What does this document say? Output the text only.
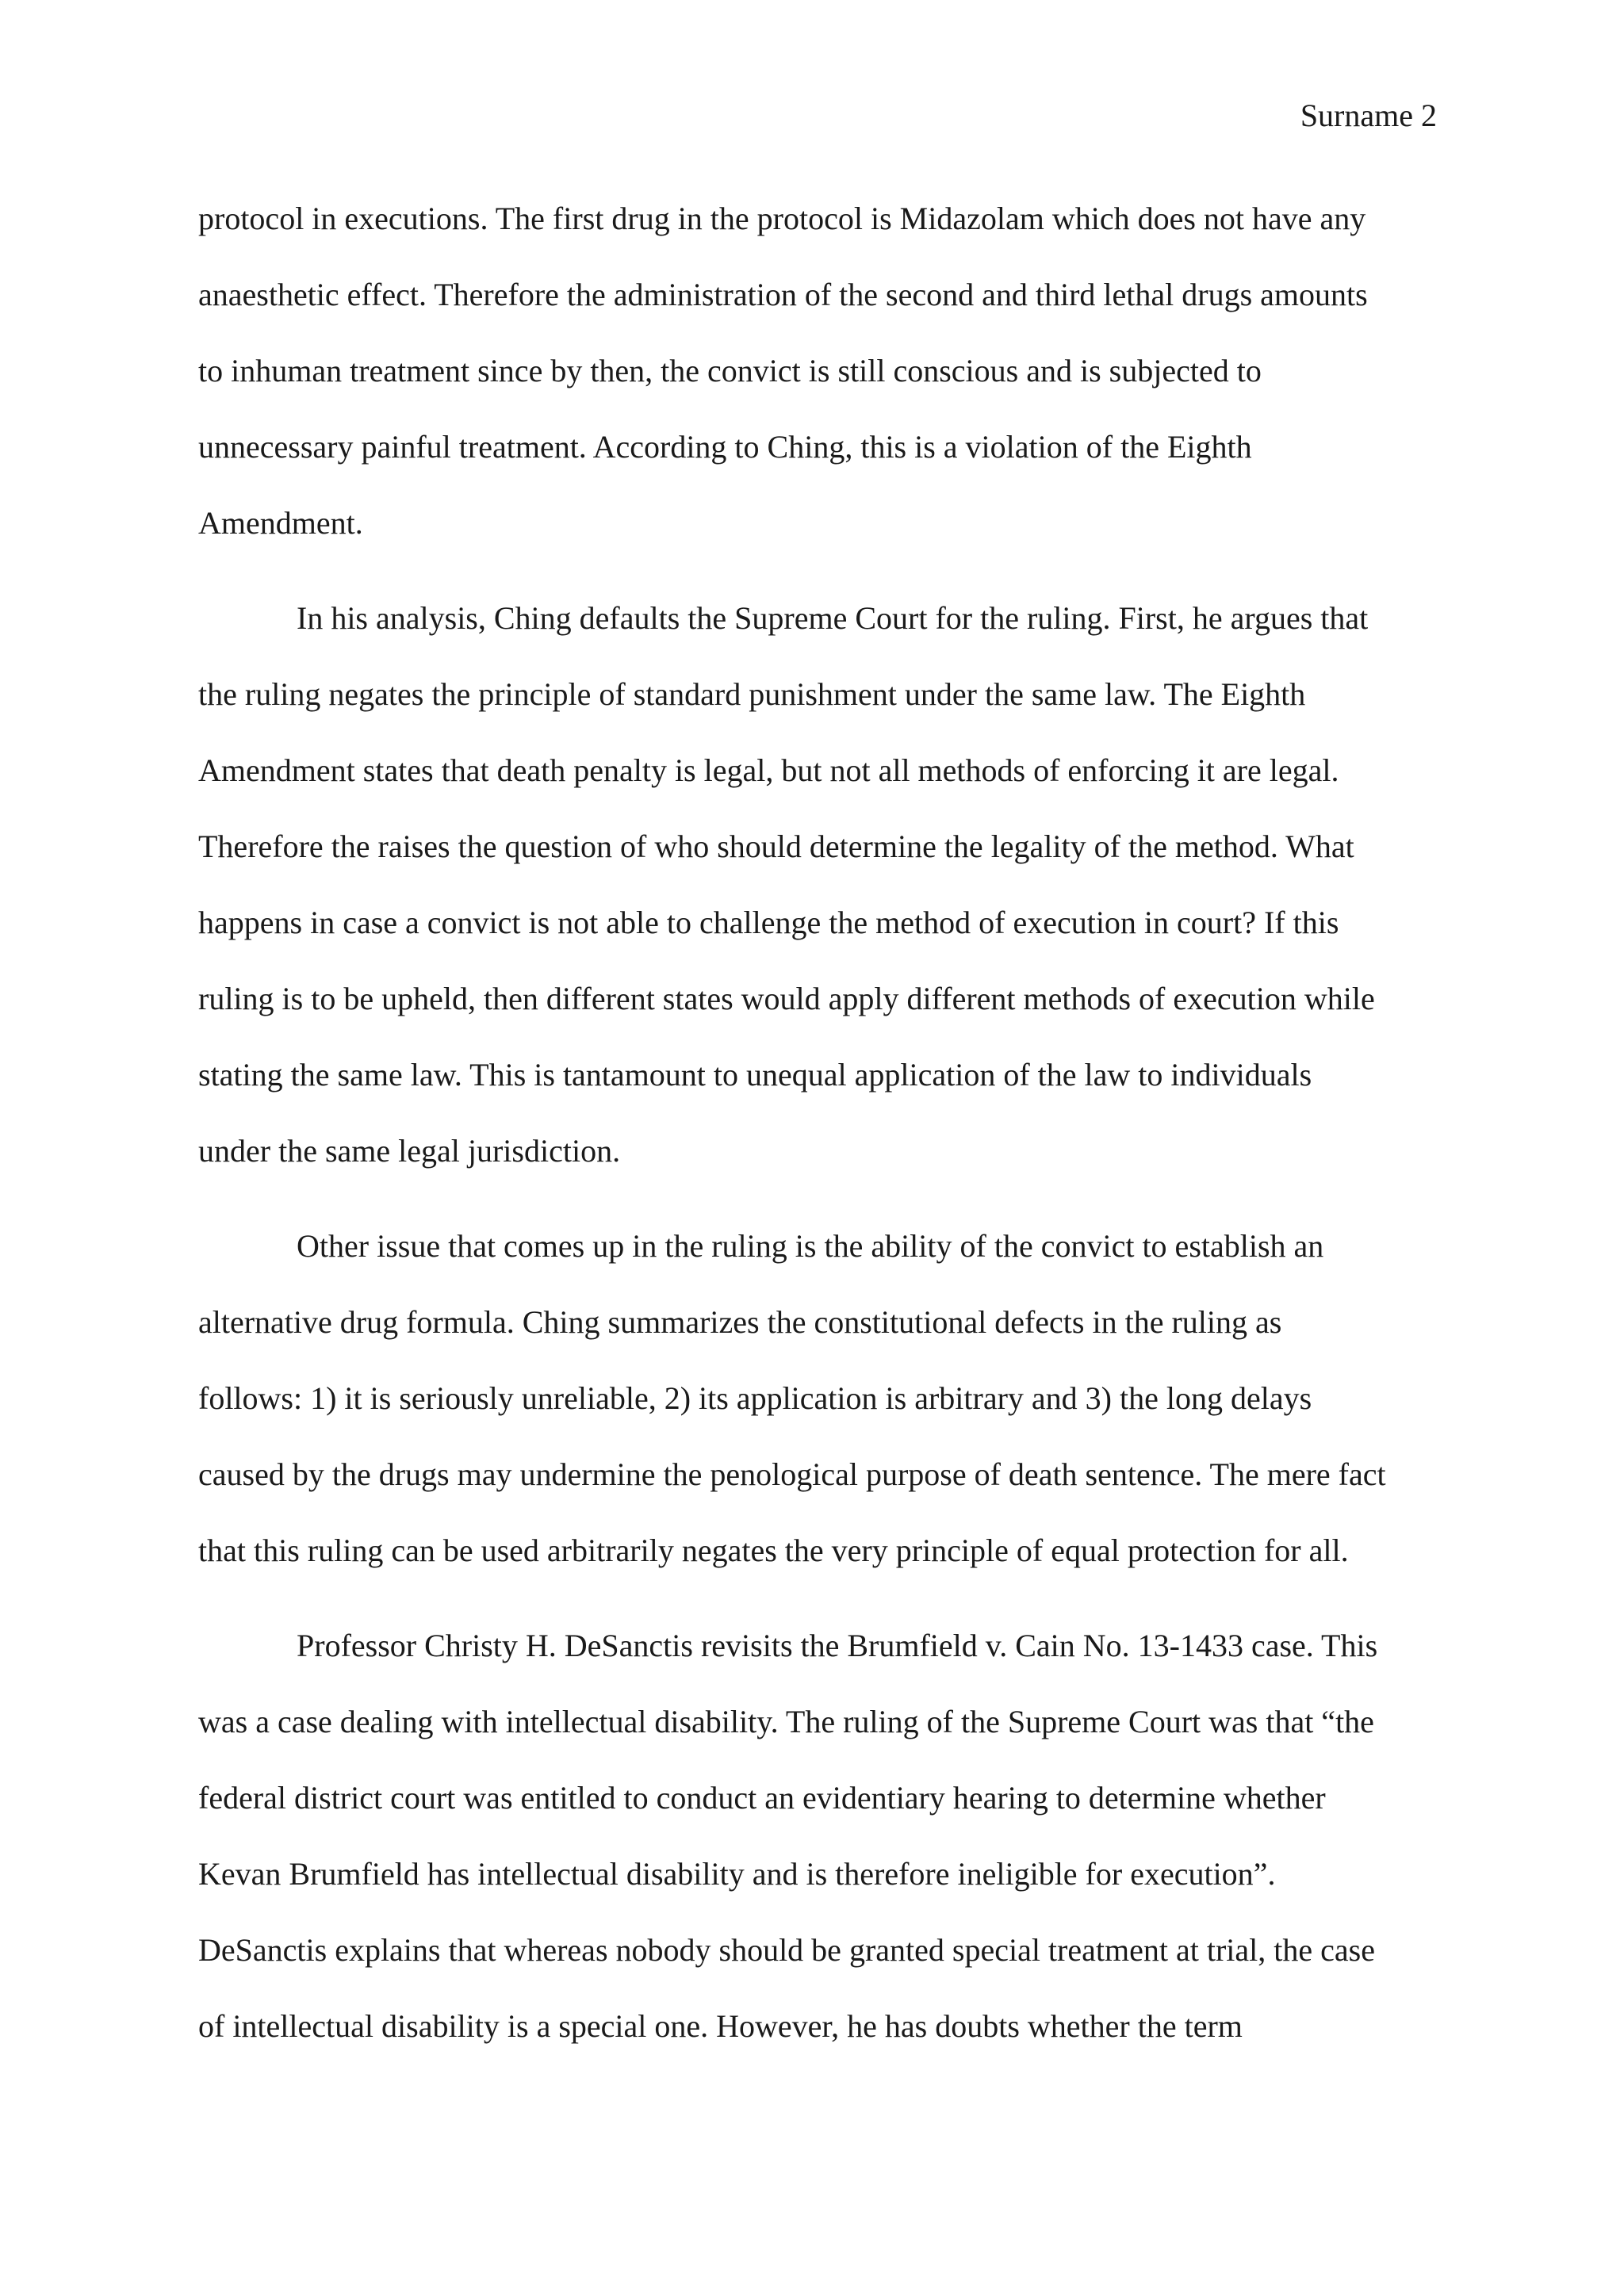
Surname 2
protocol in executions. The first drug in the protocol is Midazolam which does not have any
anaesthetic effect. Therefore the administration of the second and third lethal drugs amounts
to inhuman treatment since by then, the convict is still conscious and is subjected to
unnecessary painful treatment. According to Ching, this is a violation of the Eighth
Amendment.
In his analysis, Ching defaults the Supreme Court for the ruling. First, he argues that
the ruling negates the principle of standard punishment under the same law. The Eighth
Amendment states that death penalty is legal, but not all methods of enforcing it are legal.
Therefore the raises the question of who should determine the legality of the method. What
happens in case a convict is not able to challenge the method of execution in court? If this
ruling is to be upheld, then different states would apply different methods of execution while
stating the same law. This is tantamount to unequal application of the law to individuals
under the same legal jurisdiction.
Other issue that comes up in the ruling is the ability of the convict to establish an
alternative drug formula. Ching summarizes the constitutional defects in the ruling as
follows: 1) it is seriously unreliable, 2) its application is arbitrary and 3) the long delays
caused by the drugs may undermine the penological purpose of death sentence. The mere fact
that this ruling can be used arbitrarily negates the very principle of equal protection for all.
Professor Christy H. DeSanctis revisits the Brumfield v. Cain No. 13-1433 case. This
was a case dealing with intellectual disability. The ruling of the Supreme Court was that “the
federal district court was entitled to conduct an evidentiary hearing to determine whether
Kevan Brumfield has intellectual disability and is therefore ineligible for execution”.
DeSanctis explains that whereas nobody should be granted special treatment at trial, the case
of intellectual disability is a special one. However, he has doubts whether the term
